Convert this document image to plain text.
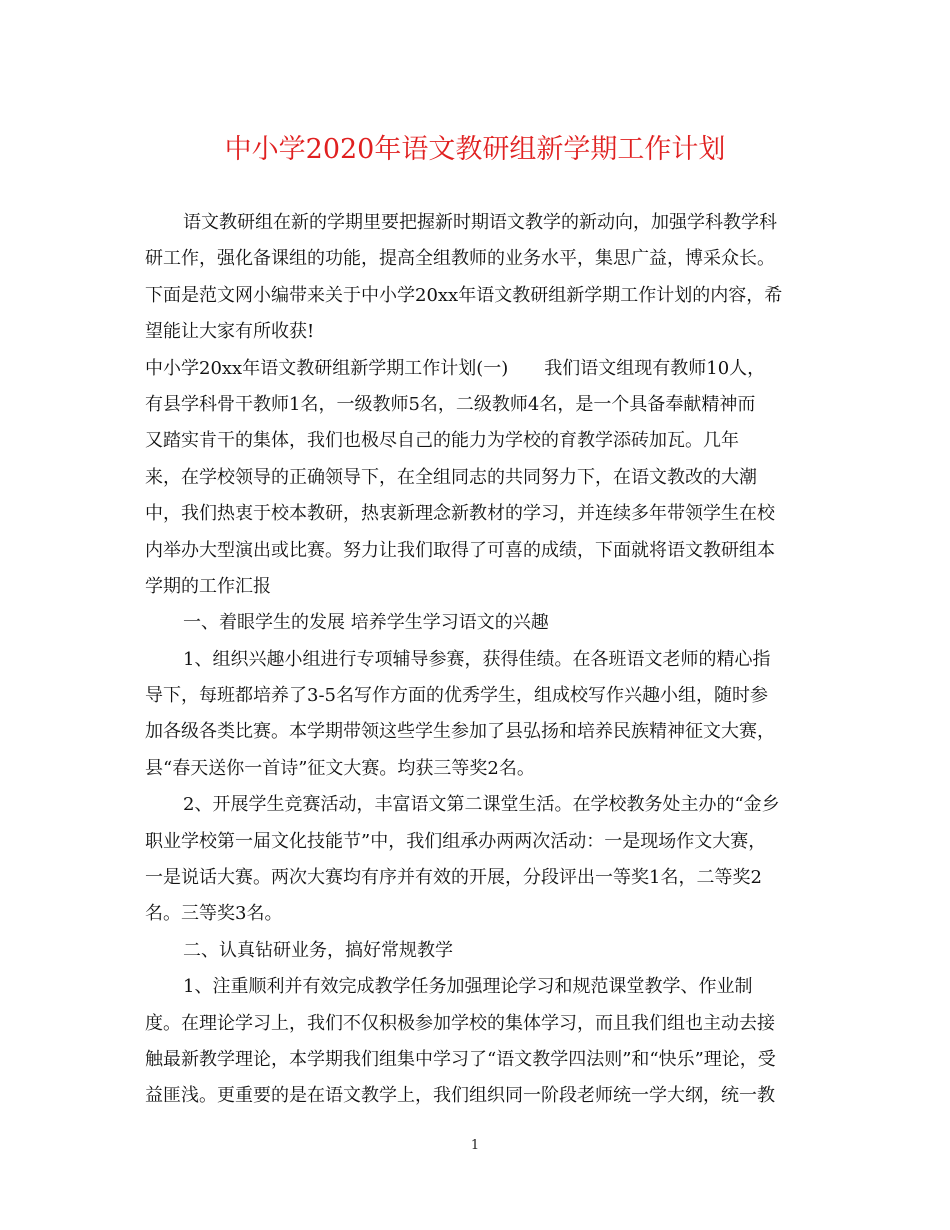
中小学2020年语文教研组新学期工作计划
语文教研组在新的学期里要把握新时期语文教学的新动向，加强学科教学科
研工作，强化备课组的功能，提高全组教师的业务水平，集思广益，博采众长。
下面是范文网小编带来关于中小学20xx年语文教研组新学期工作计划的内容，希
望能让大家有所收获!
中小学20xx年语文教研组新学期工作计划(一)　　我们语文组现有教师10人，
有县学科骨干教师1名，一级教师5名，二级教师4名，是一个具备奉献精神而
又踏实肯干的集体，我们也极尽自己的能力为学校的育教学添砖加瓦。几年
来，在学校领导的正确领导下，在全组同志的共同努力下，在语文教改的大潮
中，我们热衷于校本教研，热衷新理念新教材的学习，并连续多年带领学生在校
内举办大型演出或比赛。努力让我们取得了可喜的成绩，下面就将语文教研组本
学期的工作汇报
一、着眼学生的发展 培养学生学习语文的兴趣
1、组织兴趣小组进行专项辅导参赛，获得佳绩。在各班语文老师的精心指
导下，每班都培养了3-5名写作方面的优秀学生，组成校写作兴趣小组，随时参
加各级各类比赛。本学期带领这些学生参加了县弘扬和培养民族精神征文大赛，
县“春天送你一首诗”征文大赛。均获三等奖2名。
2、开展学生竞赛活动，丰富语文第二课堂生活。在学校教务处主办的“金乡
职业学校第一届文化技能节”中，我们组承办两两次活动：一是现场作文大赛，
一是说话大赛。两次大赛均有序并有效的开展，分段评出一等奖1名，二等奖2
名。三等奖3名。
二、认真钻研业务，搞好常规教学
1、注重顺利并有效完成教学任务加强理论学习和规范课堂教学、作业制
度。在理论学习上，我们不仅积极参加学校的集体学习，而且我们组也主动去接
触最新教学理论，本学期我们组集中学习了“语文教学四法则”和“快乐”理论，受
益匪浅。更重要的是在语文教学上，我们组织同一阶段老师统一学大纲，统一教
1
